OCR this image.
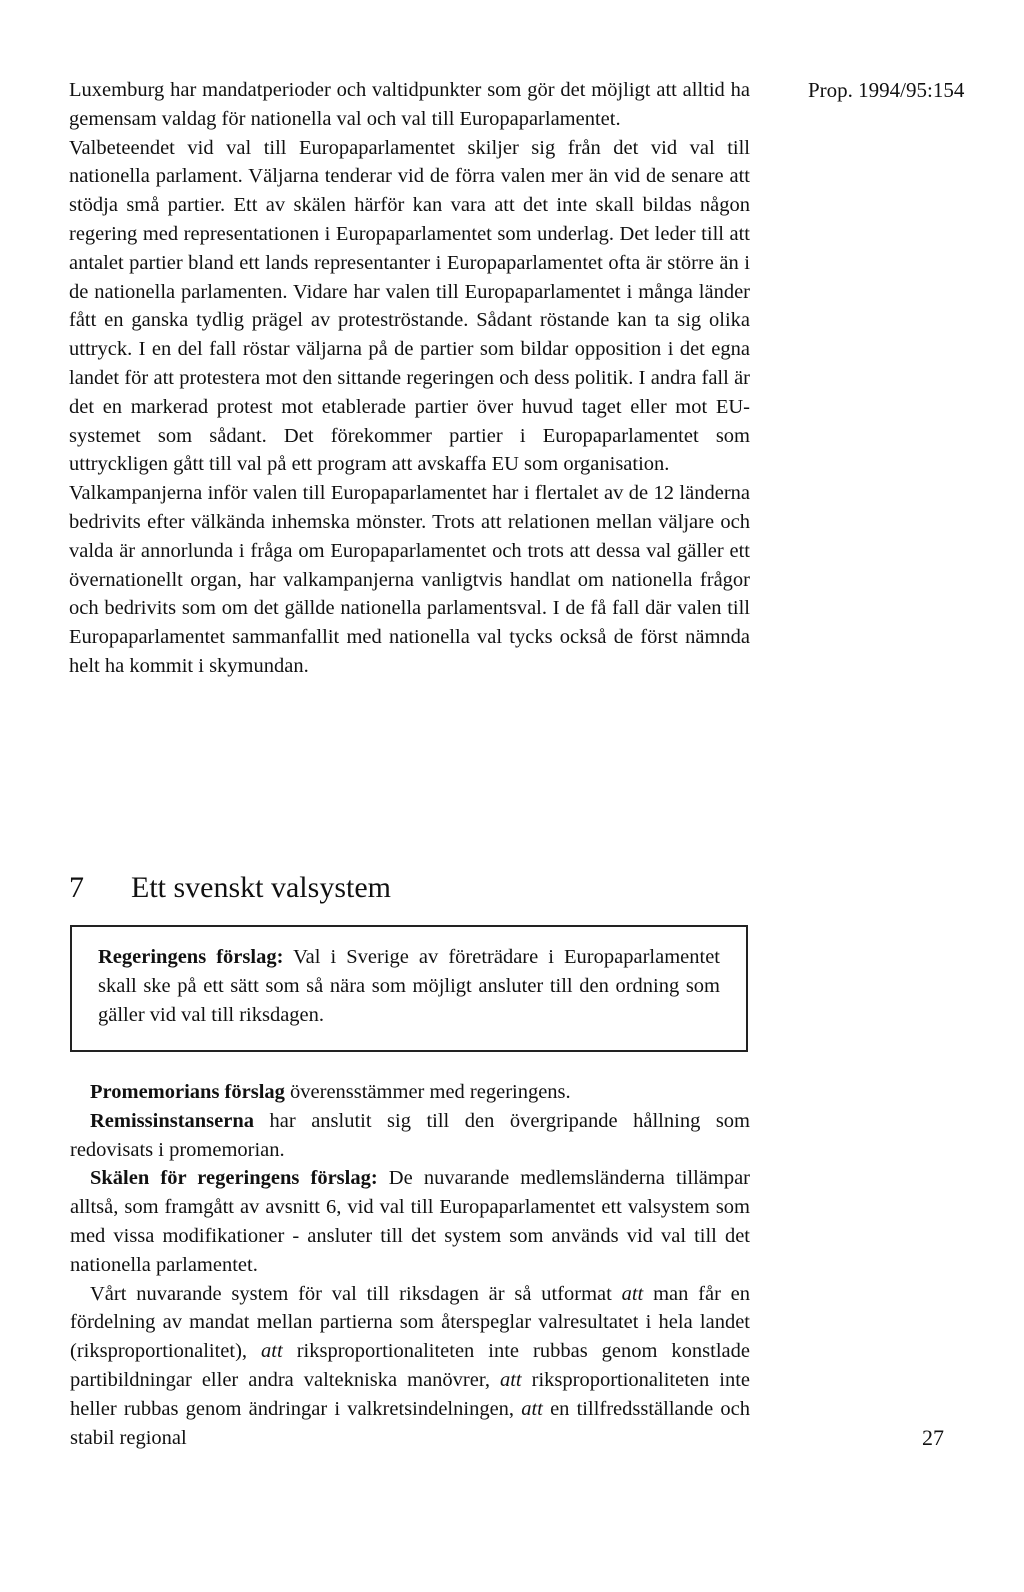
Prop. 1994/95:154

Luxemburg har mandatperioder och valtidpunkter som gör det möjligt att alltid ha gemensam valdag för nationella val och val till Europaparlamentet.

Valbeteendet vid val till Europaparlamentet skiljer sig från det vid val till nationella parlament. Väljarna tenderar vid de förra valen mer än vid de senare att stödja små partier. Ett av skälen härför kan vara att det inte skall bildas någon regering med representationen i Europaparlamentet som underlag. Det leder till att antalet partier bland ett lands representanter i Europaparlamentet ofta är större än i de nationella parlamenten. Vidare har valen till Europaparlamentet i många länder fått en ganska tydlig prägel av proteströstande. Sådant röstande kan ta sig olika uttryck. I en del fall röstar väljarna på de partier som bildar opposition i det egna landet för att protestera mot den sittande regeringen och dess politik. I andra fall är det en markerad protest mot etablerade partier över huvud taget eller mot EU-systemet som sådant. Det förekommer partier i Europaparlamentet som uttryckligen gått till val på ett program att avskaffa EU som organisation.

Valkampanjerna inför valen till Europaparlamentet har i flertalet av de 12 länderna bedrivits efter välkända inhemska mönster. Trots att relationen mellan väljare och valda är annorlunda i fråga om Europaparlamentet och trots att dessa val gäller ett övernationellt organ, har valkampanjerna vanligtvis handlat om nationella frågor och bedrivits som om det gällde nationella parlamentsval. I de få fall där valen till Europaparlamentet sammanfallit med nationella val tycks också de först nämnda helt ha kommit i skymundan.

7 Ett svenskt valsystem

Regeringens förslag: Val i Sverige av företrädare i Europaparlamentet skall ske på ett sätt som så nära som möjligt ansluter till den ordning som gäller vid val till riksdagen.

Promemorians förslag överensstämmer med regeringens.

Remissinstanserna har anslutit sig till den övergripande hållning som redovisats i promemorian.

Skälen för regeringens förslag: De nuvarande medlemsländerna tillämpar alltså, som framgått av avsnitt 6, vid val till Europaparlamentet ett valsystem som med vissa modifikationer - ansluter till det system som används vid val till det nationella parlamentet.

Vårt nuvarande system för val till riksdagen är så utformat att man får en fördelning av mandat mellan partierna som återspeglar valresultatet i hela landet (riksproportionalitet), att riksproportionaliteten inte rubbas genom konstlade partibildningar eller andra valtekniska manövrer, att riksproportionaliteten inte heller rubbas genom ändringar i valkretsindelningen, att en tillfredsställande och stabil regional	27
